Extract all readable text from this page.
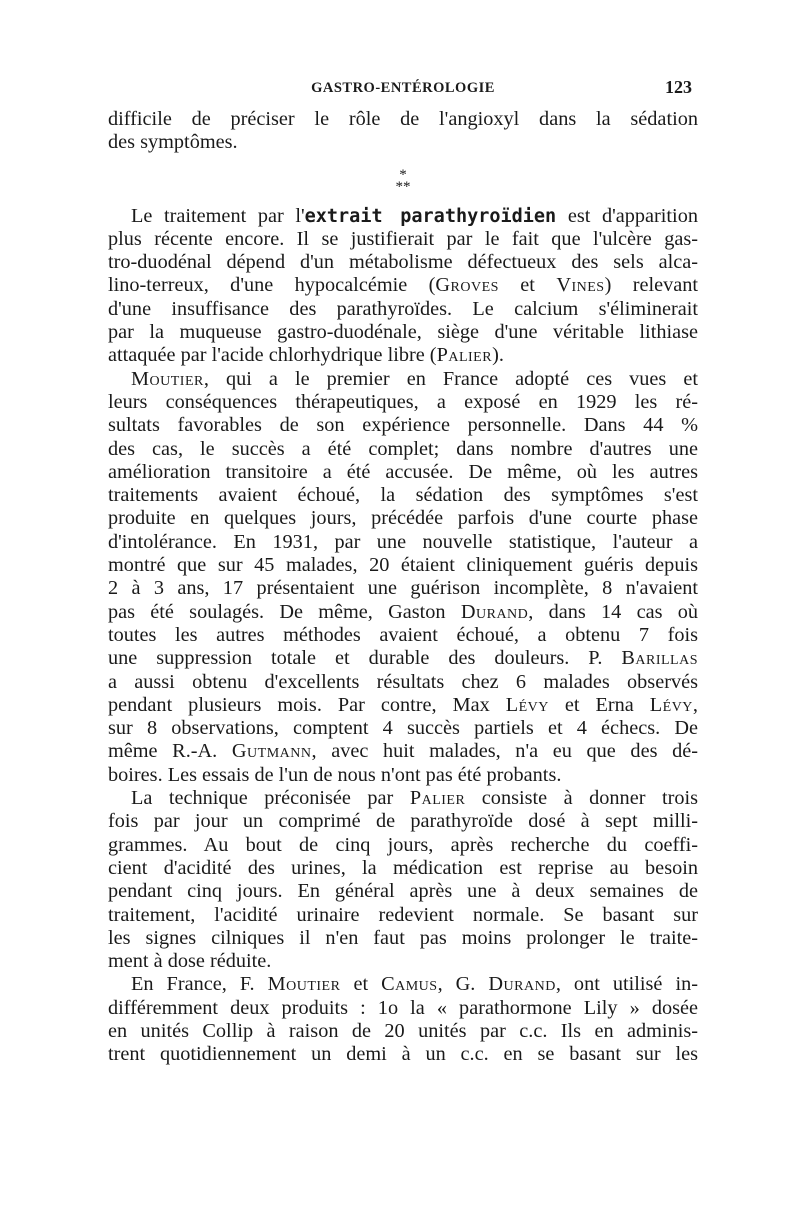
GASTRO-ENTÉROLOGIE	123
difficile de préciser le rôle de l'angioxyl dans la sédation
des symptômes.
*
**
Le traitement par l'extrait parathyroïdien est d'apparition
plus récente encore. Il se justifierait par le fait que l'ulcère gas-
tro-duodénal dépend d'un métabolisme défectueux des sels alca-
lino-terreux, d'une hypocalcémie (Groves et Vines) relevant
d'une insuffisance des parathyroïdes. Le calcium s'éliminerait
par la muqueuse gastro-duodénale, siège d'une véritable lithiase
attaquée par l'acide chlorhydrique libre (Palier).
Moutier, qui a le premier en France adopté ces vues et
leurs conséquences thérapeutiques, a exposé en 1929 les ré-
sultats favorables de son expérience personnelle. Dans 44 %
des cas, le succès a été complet; dans nombre d'autres une
amélioration transitoire a été accusée. De même, où les autres
traitements avaient échoué, la sédation des symptômes s'est
produite en quelques jours, précédée parfois d'une courte phase
d'intolérance. En 1931, par une nouvelle statistique, l'auteur a
montré que sur 45 malades, 20 étaient cliniquement guéris depuis
2 à 3 ans, 17 présentaient une guérison incomplète, 8 n'avaient
pas été soulagés. De même, Gaston Durand, dans 14 cas où
toutes les autres méthodes avaient échoué, a obtenu 7 fois
une suppression totale et durable des douleurs. P. Barillas
a aussi obtenu d'excellents résultats chez 6 malades observés
pendant plusieurs mois. Par contre, Max Lévy et Erna Lévy,
sur 8 observations, comptent 4 succès partiels et 4 échecs. De
même R.-A. Gutmann, avec huit malades, n'a eu que des dé-
boires. Les essais de l'un de nous n'ont pas été probants.
La technique préconisée par Palier consiste à donner trois
fois par jour un comprimé de parathyroïde dosé à sept milli-
grammes. Au bout de cinq jours, après recherche du coeffi-
cient d'acidité des urines, la médication est reprise au besoin
pendant cinq jours. En général après une à deux semaines de
traitement, l'acidité urinaire redevient normale. Se basant sur
les signes cilniques il n'en faut pas moins prolonger le traite-
ment à dose réduite.
En France, F. Moutier et Camus, G. Durand, ont utilisé in-
différemment deux produits : 1o la « parathormone Lily » dosée
en unités Collip à raison de 20 unités par c.c. Ils en adminis-
trent quotidiennement un demi à un c.c. en se basant sur les
